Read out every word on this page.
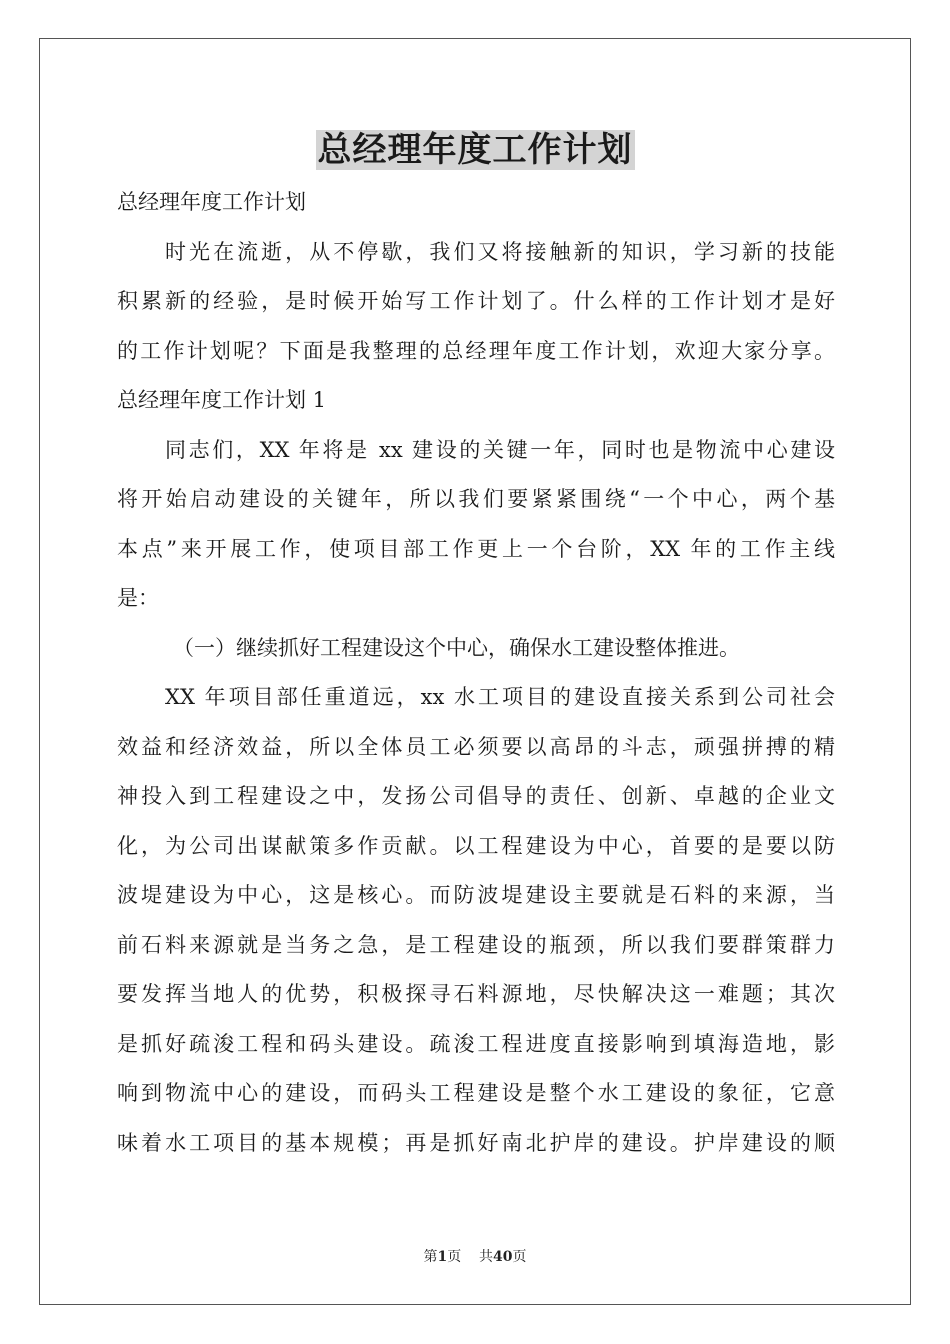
总经理年度工作计划
总经理年度工作计划
时光在流逝，从不停歇，我们又将接触新的知识，学习新的技能
积累新的经验，是时候开始写工作计划了。什么样的工作计划才是好
的工作计划呢？下面是我整理的总经理年度工作计划，欢迎大家分享。
总经理年度工作计划 1
同志们，XX 年将是 xx 建设的关键一年，同时也是物流中心建设
将开始启动建设的关键年，所以我们要紧紧围绕“一个中心，两个基
本点”来开展工作，使项目部工作更上一个台阶，XX 年的工作主线
是：
（一）继续抓好工程建设这个中心，确保水工建设整体推进。
XX 年项目部任重道远，xx 水工项目的建设直接关系到公司社会
效益和经济效益，所以全体员工必须要以高昂的斗志，顽强拼搏的精
神投入到工程建设之中，发扬公司倡导的责任、创新、卓越的企业文
化，为公司出谋献策多作贡献。以工程建设为中心，首要的是要以防
波堤建设为中心，这是核心。而防波堤建设主要就是石料的来源，当
前石料来源就是当务之急，是工程建设的瓶颈，所以我们要群策群力
要发挥当地人的优势，积极探寻石料源地，尽快解决这一难题；其次
是抓好疏浚工程和码头建设。疏浚工程进度直接影响到填海造地，影
响到物流中心的建设，而码头工程建设是整个水工建设的象征，它意
味着水工项目的基本规模；再是抓好南北护岸的建设。护岸建设的顺
第1页 共40页
